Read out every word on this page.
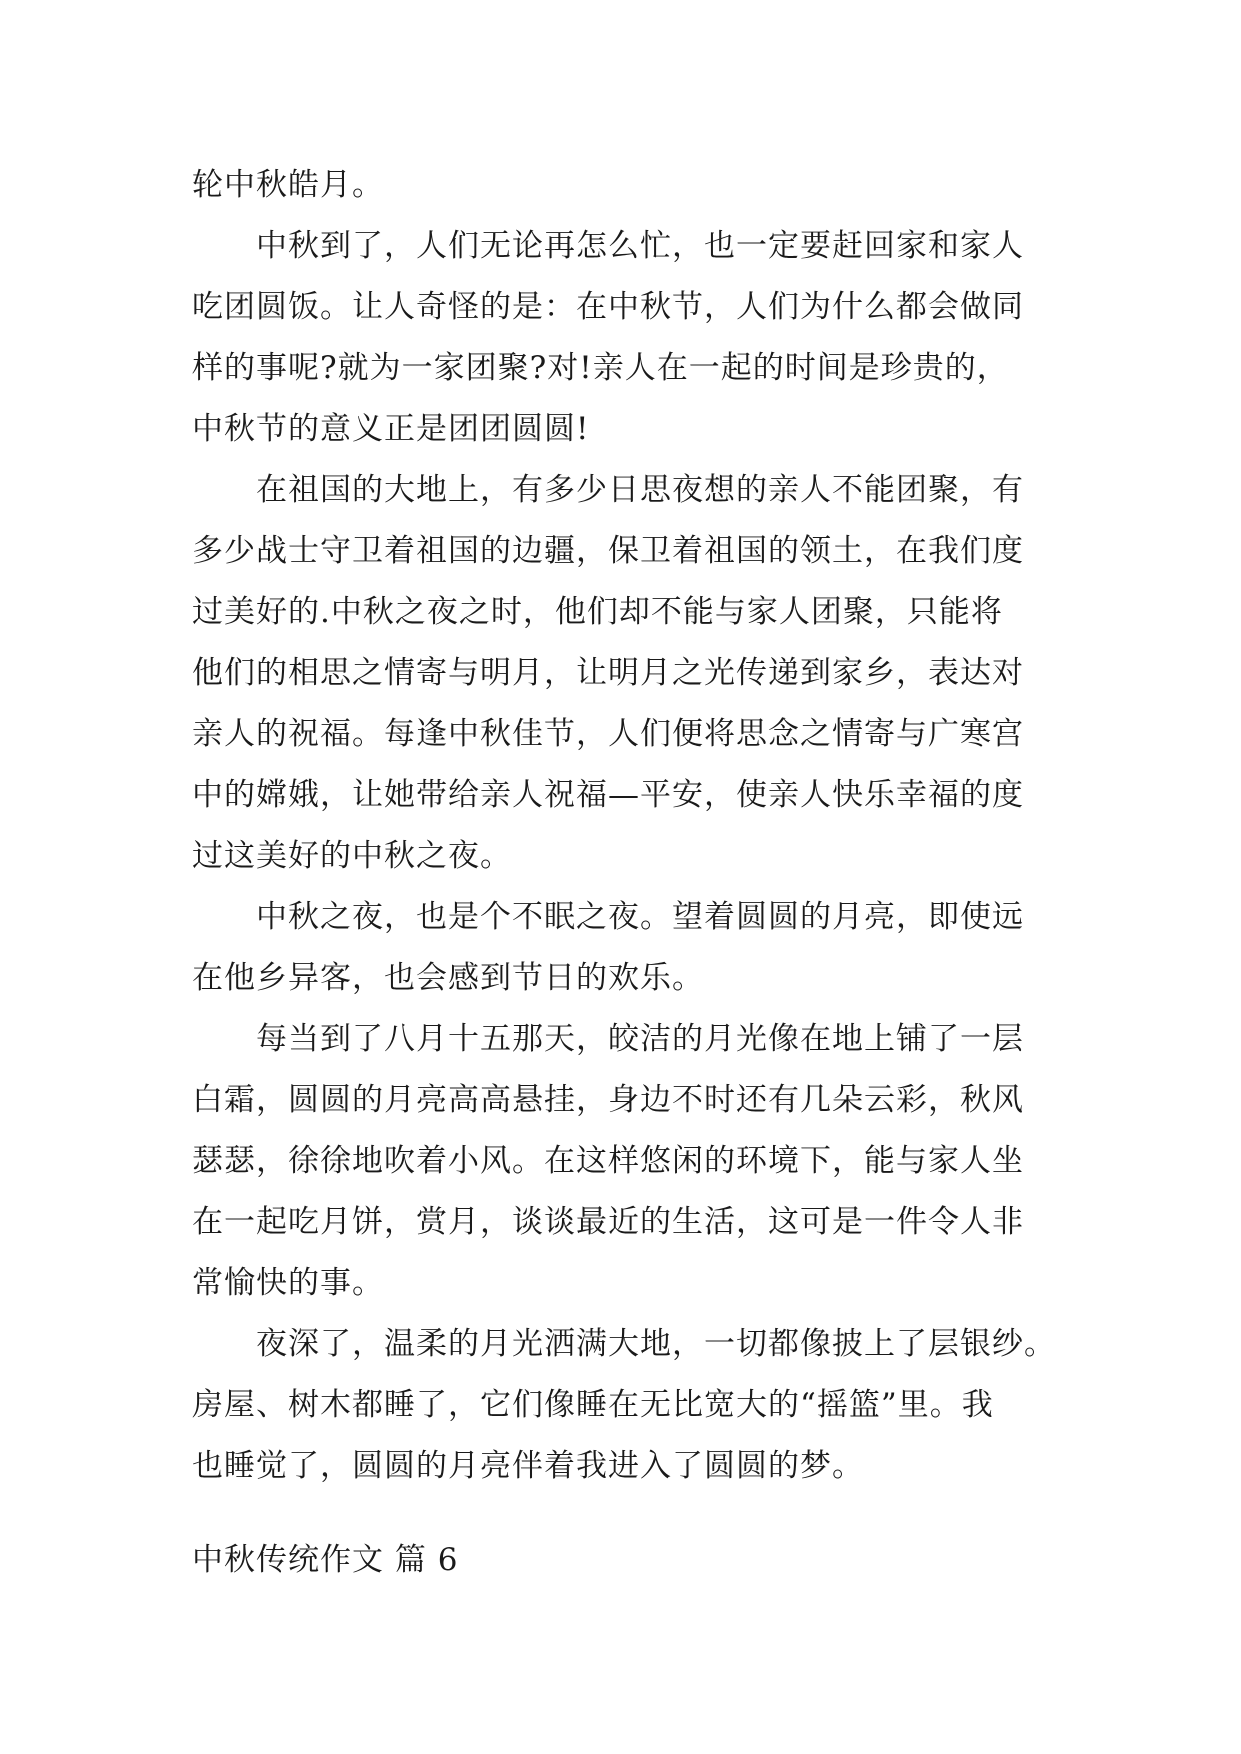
轮中秋皓月。
中秋到了，人们无论再怎么忙，也一定要赶回家和家人
吃团圆饭。让人奇怪的是：在中秋节，人们为什么都会做同
样的事呢?就为一家团聚?对!亲人在一起的时间是珍贵的，
中秋节的意义正是团团圆圆!
在祖国的大地上，有多少日思夜想的亲人不能团聚，有
多少战士守卫着祖国的边疆，保卫着祖国的领土，在我们度
过美好的.中秋之夜之时，他们却不能与家人团聚，只能将
他们的相思之情寄与明月，让明月之光传递到家乡，表达对
亲人的祝福。每逢中秋佳节，人们便将思念之情寄与广寒宫
中的嫦娥，让她带给亲人祝福—平安，使亲人快乐幸福的度
过这美好的中秋之夜。
中秋之夜，也是个不眠之夜。望着圆圆的月亮，即使远
在他乡异客，也会感到节日的欢乐。
每当到了八月十五那天，皎洁的月光像在地上铺了一层
白霜，圆圆的月亮高高悬挂，身边不时还有几朵云彩，秋风
瑟瑟，徐徐地吹着小风。在这样悠闲的环境下，能与家人坐
在一起吃月饼，赏月，谈谈最近的生活，这可是一件令人非
常愉快的事。
夜深了，温柔的月光洒满大地，一切都像披上了层银纱。
房屋、树木都睡了，它们像睡在无比宽大的“摇篮”里。我
也睡觉了，圆圆的月亮伴着我进入了圆圆的梦。
中秋传统作文 篇 6
